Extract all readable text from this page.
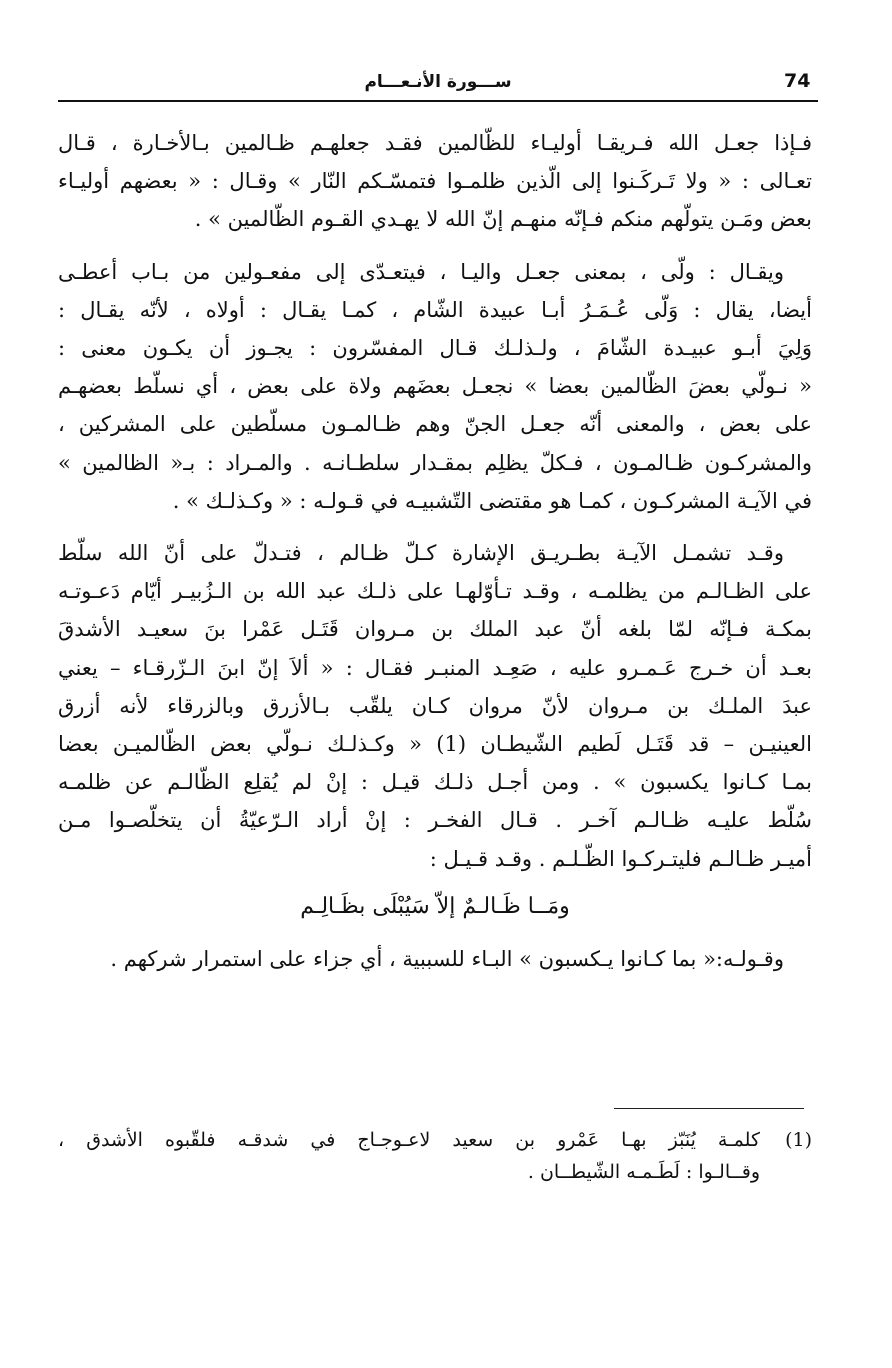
74
ســـورة الأنـعـــام
فـإذا جعـل الله فـريقـا أوليـاء للظّالمين فقـد جعلهـم ظـالمين بـالأخـارة ، قـال
تعـالى : « ولا تَـركَـنوا إلى الّذين ظلمـوا فتمسّـكم النّار » وقـال : « بعضهم أوليـاء
بعض ومَـن يتولّهم منكم فـإنّه منهـم إنّ الله لا يهـدي القـوم الظّالمين » .
ويقـال : ولّى ، بمعنى جعـل واليـا ، فيتعـدّى إلى مفعـولين من بـاب أعطـى
أيضا، يقال : وَلّى عُـمَـرُ أبـا عبيدة الشّام ، كمـا يقـال : أولاه ، لأنّه يقـال :
وَلِيَ أبـو عبيـدة الشّامَ ، ولـذلـك قـال المفسّرون : يجـوز أن يكـون معنى :
« نـولّي بعضَ الظّالمين بعضا » نجعـل بعضَهم ولاة على بعض ، أي نسلّط بعضهـم
على بعض ، والمعنى أنّه جعـل الجنّ وهم ظـالمـون مسلّطين على المشركين ،
والمشركـون ظـالمـون ، فـكلّ يظلِم بمقـدار سلطـانـه . والمـراد : بـ« الظالمين »
في الآيـة المشركـون ، كمـا هو مقتضى التّشبيـه في قـولـه : « وكـذلـك » .
وقـد تشمـل الآيـة بطـريـق الإشارة كـلّ ظـالم ، فتـدلّ على أنّ الله سلّط
على الظـالـم من يظلمـه ، وقـد تـأوّلهـا على ذلـك عبد الله بن الـزُبيـر أيّام دَعـوتـه
بمكـة فـإنّه لمّا بلغه أنّ عبد الملك بن مـروان قَتَـل عَمْرا بنَ سعيـد الأشدقَ
بعـد أن خـرج عَـمـرو عليه ، صَعِـد المنبـر فقـال : « ألاَ إنّ ابنَ الـزّرقـاء – يعني
عبدَ الملـك بن مـروان لأنّ مروان كـان يلقّب بـالأزرق وبالزرقاء لأنه أزرق
العينيـن – قد قَتَـل لَطيم الشّيطـان (1) « وكـذلـك نـولّي بعض الظّالميـن بعضا
بمـا كـانوا يكسبون » . ومن أجـل ذلـك قيـل : إنْ لم يُقلِع الظّالـم عن ظلمـه
سُلّط عليـه ظـالـم آخـر . قـال الفخـر : إنْ أراد الـرّعيّةُ أن يتخلّصـوا مـن
أميـر ظـالـم فليتـركـوا الظّـلـم . وقـد قـيـل :
ومَــا ظَـالـمٌ إلاّ سَيُبْلَى بظَـالِـم
وقـولـه:« بما كـانوا يـكسبون » البـاء للسببية ، أي جزاء على استمرار شركهم .
(1)
كلمـة يُنَبّز بهـا عَمْرو بن سعيد لاعـوجـاج في شدقـه فلقّبوه الأشدق ،
وقــالـوا : لَطَـمـه الشّيطــان .
